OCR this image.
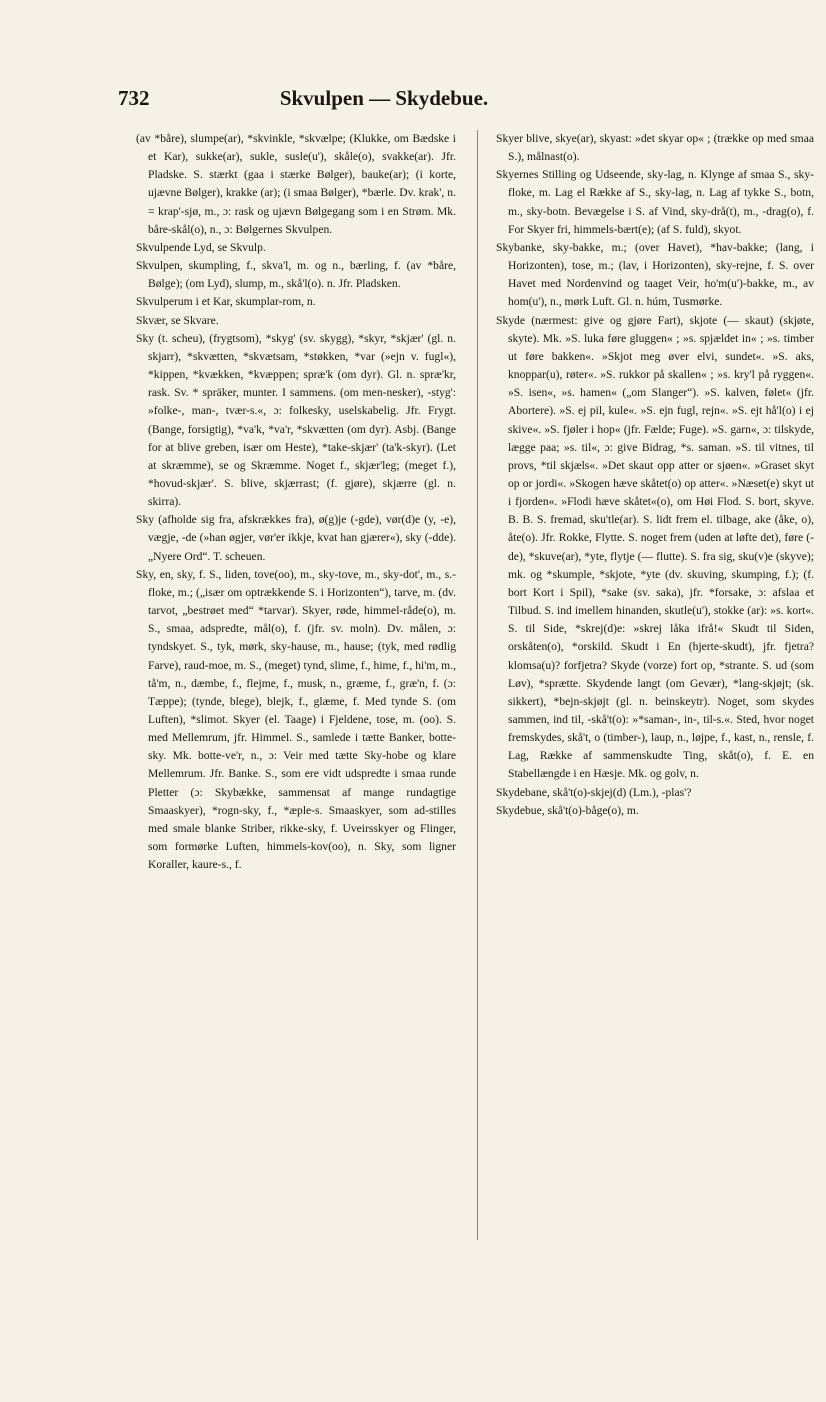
732	Skvulpen — Skydebue.

(av *båre), slumpe(ar), *skvinkle, *skvælpe; (Klukke, om Bædske i et Kar), sukke(ar), sukle, susle(u'), skåle(o), svakke(ar). Jfr. Pladske. S. stærkt (gaa i stærke Bølger), bauke(ar); (i korte, ujævne Bølger), krakke (ar); (i smaa Bølger), *bærle. Dv. krak', n. = krap'-sjø, m., ɔ: rask og ujævn Bølgegang som i en Strøm. Mk. båre-skål(o), n., ɔ: Bølgernes Skvulpen.

Skvulpende Lyd, se Skvulp.

Skvulpen, skumpling, f., skva'l, m. og n., bærling, f. (av *båre, Bølge); (om Lyd), slump, m., skå'l(o). n. Jfr. Pladsken.

Skvulperum i et Kar, skumplar-rom, n.

Skvær, se Skvare.

Sky (t. scheu), (frygtsom), *skyg' (sv. skygg), *skyr, *skjær' (gl. n. skjarr), *skvætten, *skvætsam, *støkken, *var (»ejn v. fugl«), *kippen, *kvækken, *kvæppen; spræ'k (om dyr). Gl. n. spræ'kr, rask. Sv. * spräker, munter. I sammens. (om men-nesker), -styg': »folke-, man-, tvær-s.«, ɔ: folkesky, uselskabelig. Jfr. Frygt. (Bange, forsigtig), *va'k, *va'r, *skvætten (om dyr). Asbj. (Bange for at blive greben, især om Heste), *take-skjær' (ta'k-skyr). (Let at skræmme), se og Skræmme. Noget f., skjær'leg; (meget f.), *hovud-skjær'. S. blive, skjærrast; (f. gjøre), skjærre (gl. n. skirra).

Sky (afholde sig fra, afskrækkes fra), ø(g)je (-gde), vør(d)e (y, -e), vægje, -de (»han øgjer, vør'er ikkje, kvat han gjærer«), sky (-dde). „Nyere Ord“. T. scheuen.

Sky, en, sky, f. S., liden, tove(oo), m., sky-tove, m., sky-dot', m., s.-floke, m.; („især om optrækkende S. i Horizonten“), tarve, m. (dv. tarvot, „bestrøet med“ *tarvar). Skyer, røde, himmel-råde(o), m. S., smaa, adspredte, mål(o), f. (jfr. sv. moln). Dv. målen, ɔ: tyndskyet. S., tyk, mørk, sky-hause, m., hause; (tyk, med rødlig Farve), raud-moe, m. S., (meget) tynd, slime, f., hime, f., hi'm, m., tå'm, n., dæmbe, f., flejme, f., musk, n., græme, f., græ'n, f. (ɔ: Tæppe); (tynde, blege), blejk, f., glæme, f. Med tynde S. (om Luften), *slimot. Skyer (el. Taage) i Fjeldene, tose, m. (oo). S. med Mellemrum, jfr. Himmel. S., samlede i tætte Banker, botte-sky. Mk. botte-ve'r, n., ɔ: Veir med tætte Sky-hobe og klare Mellemrum. Jfr. Banke. S., som ere vidt udspredte i smaa runde Pletter (ɔ: Skybække, sammensat af mange rundagtige Smaaskyer), *rogn-sky, f., *æple-s. Smaaskyer, som ad-stilles med smale blanke Striber, rikke-sky, f. Uveirsskyer og Flinger, som formørke Luften, himmels-kov(oo), n. Sky, som ligner Koraller, kaure-s., f.

Skyer blive, skye(ar), skyast: »det skyar op« ; (trække op med smaa S.), målnast(o).

Skyernes Stilling og Udseende, sky-lag, n. Klynge af smaa S., sky-floke, m. Lag el Række af S., sky-lag, n. Lag af tykke S., botn, m., sky-botn. Bevægelse i S. af Vind, sky-drå(t), m., -drag(o), f. For Skyer fri, himmels-bært(e); (af S. fuld), skyot.

Skybanke, sky-bakke, m.; (over Havet), *hav-bakke; (lang, i Horizonten), tose, m.; (lav, i Horizonten), sky-rejne, f. S. over Havet med Nordenvind og taaget Veir, ho'm(u')-bakke, m., av hom(u'), n., mørk Luft. Gl. n. húm, Tusmørke.

Skyde (nærmest: give og gjøre Fart), skjote (— skaut) (skjøte, skyte). Mk. »S. luka føre gluggen« ; »s. spjældet in« ; »s. timber ut føre bakken«. »Skjot meg øver elvi, sundet«. »S. aks, knoppar(u), røter«. »S. rukkor på skallen« ; »s. kry'l på ryggen«. »S. isen«, »s. hamen« („om Slanger“). »S. kalven, følet« (jfr. Abortere). »S. ej pil, kule«. »S. ejn fugl, rejn«. »S. ejt hå'l(o) i ej skive«. »S. fjøler i hop« (jfr. Fælde; Fuge). »S. garn«, ɔ: tilskyde, lægge paa; »s. til«, ɔ: give Bidrag, *s. saman. »S. til vitnes, til provs, *til skjæls«. »Det skaut opp atter or sjøen«. »Graset skyt op or jordi«. »Skogen hæve skåtet(o) op atter«. »Næset(e) skyt ut i fjorden«. »Flodi hæve skåtet«(o), om Høi Flod. S. bort, skyve. B. B. S. fremad, sku'tle(ar). S. lidt frem el. tilbage, ake (åke, o), åte(o). Jfr. Rokke, Flytte. S. noget frem (uden at løfte det), føre (-de), *skuve(ar), *yte, flytje (— flutte). S. fra sig, sku(v)e (skyve); mk. og *skumple, *skjote, *yte (dv. skuving, skumping, f.); (f. bort Kort i Spil), *sake (sv. saka), jfr. *forsake, ɔ: afslaa et Tilbud. S. ind imellem hinanden, skutle(u'), stokke (ar): »s. kort«. S. til Side, *skrej(d)e: »skrej låka ifrå!« Skudt til Siden, orskåten(o), *orskild. Skudt i En (hjerte-skudt), jfr. fjetra? klomsa(u)? forfjetra? Skyde (vorze) fort op, *strante. S. ud (som Løv), *sprætte. Skydende langt (om Gevær), *lang-skjøjt; (sk. sikkert), *bejn-skjøjt (gl. n. beinskeytr). Noget, som skydes sammen, ind til, -skå't(o): »*saman-, in-, til-s.«. Sted, hvor noget fremskydes, skå't, o (timber-), laup, n., løjpe, f., kast, n., rensle, f. Lag, Række af sammenskudte Ting, skåt(o), f. E. en Stabellængde i en Hæsje. Mk. og golv, n.

Skydebane, skå't(o)-skjej(d) (Lm.), -plas'?

Skydebue, skå't(o)-båge(o), m.
